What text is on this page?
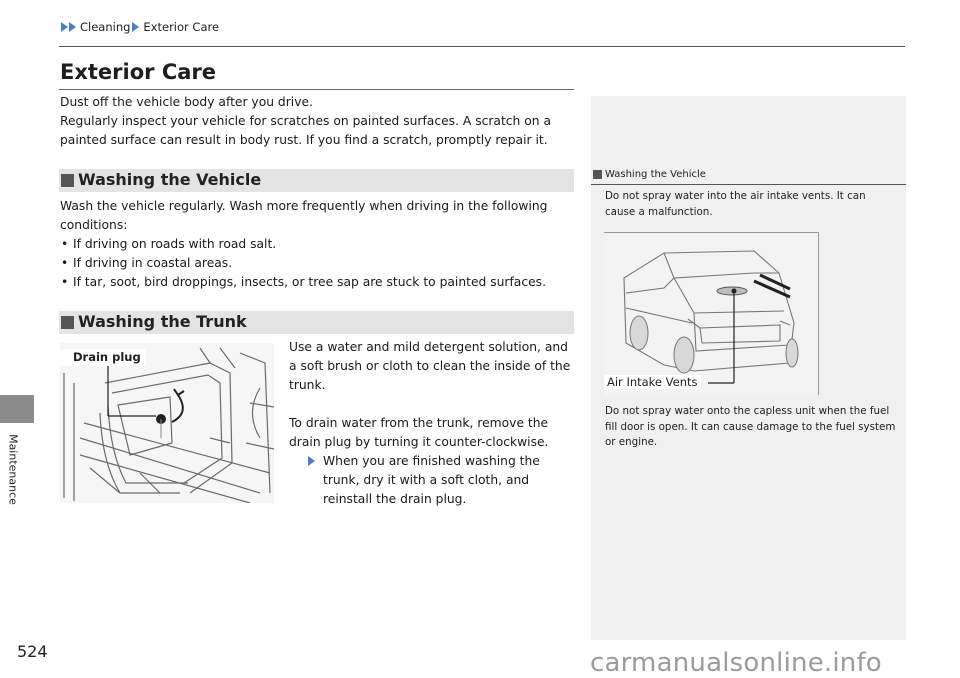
Cleaning Exterior Care
Maintenance
524
Exterior Care
Dust off the vehicle body after you drive.
Regularly inspect your vehicle for scratches on painted surfaces. A scratch on a painted surface can result in body rust. If you find a scratch, promptly repair it.
Washing the Vehicle
Wash the vehicle regularly. Wash more frequently when driving in the following conditions:
• If driving on roads with road salt.
• If driving in coastal areas.
• If tar, soot, bird droppings, insects, or tree sap are stuck to painted surfaces.
Washing the Trunk
Drain plug
Use a water and mild detergent solution, and a soft brush or cloth to clean the inside of the trunk.
To drain water from the trunk, remove the drain plug by turning it counter-clockwise.
When you are finished washing the trunk, dry it with a soft cloth, and reinstall the drain plug.
Washing the Vehicle
Do not spray water into the air intake vents. It can cause a malfunction.
Air Intake Vents
Do not spray water onto the capless unit when the fuel fill door is open. It can cause damage to the fuel system or engine.
carmanualsonline.info
